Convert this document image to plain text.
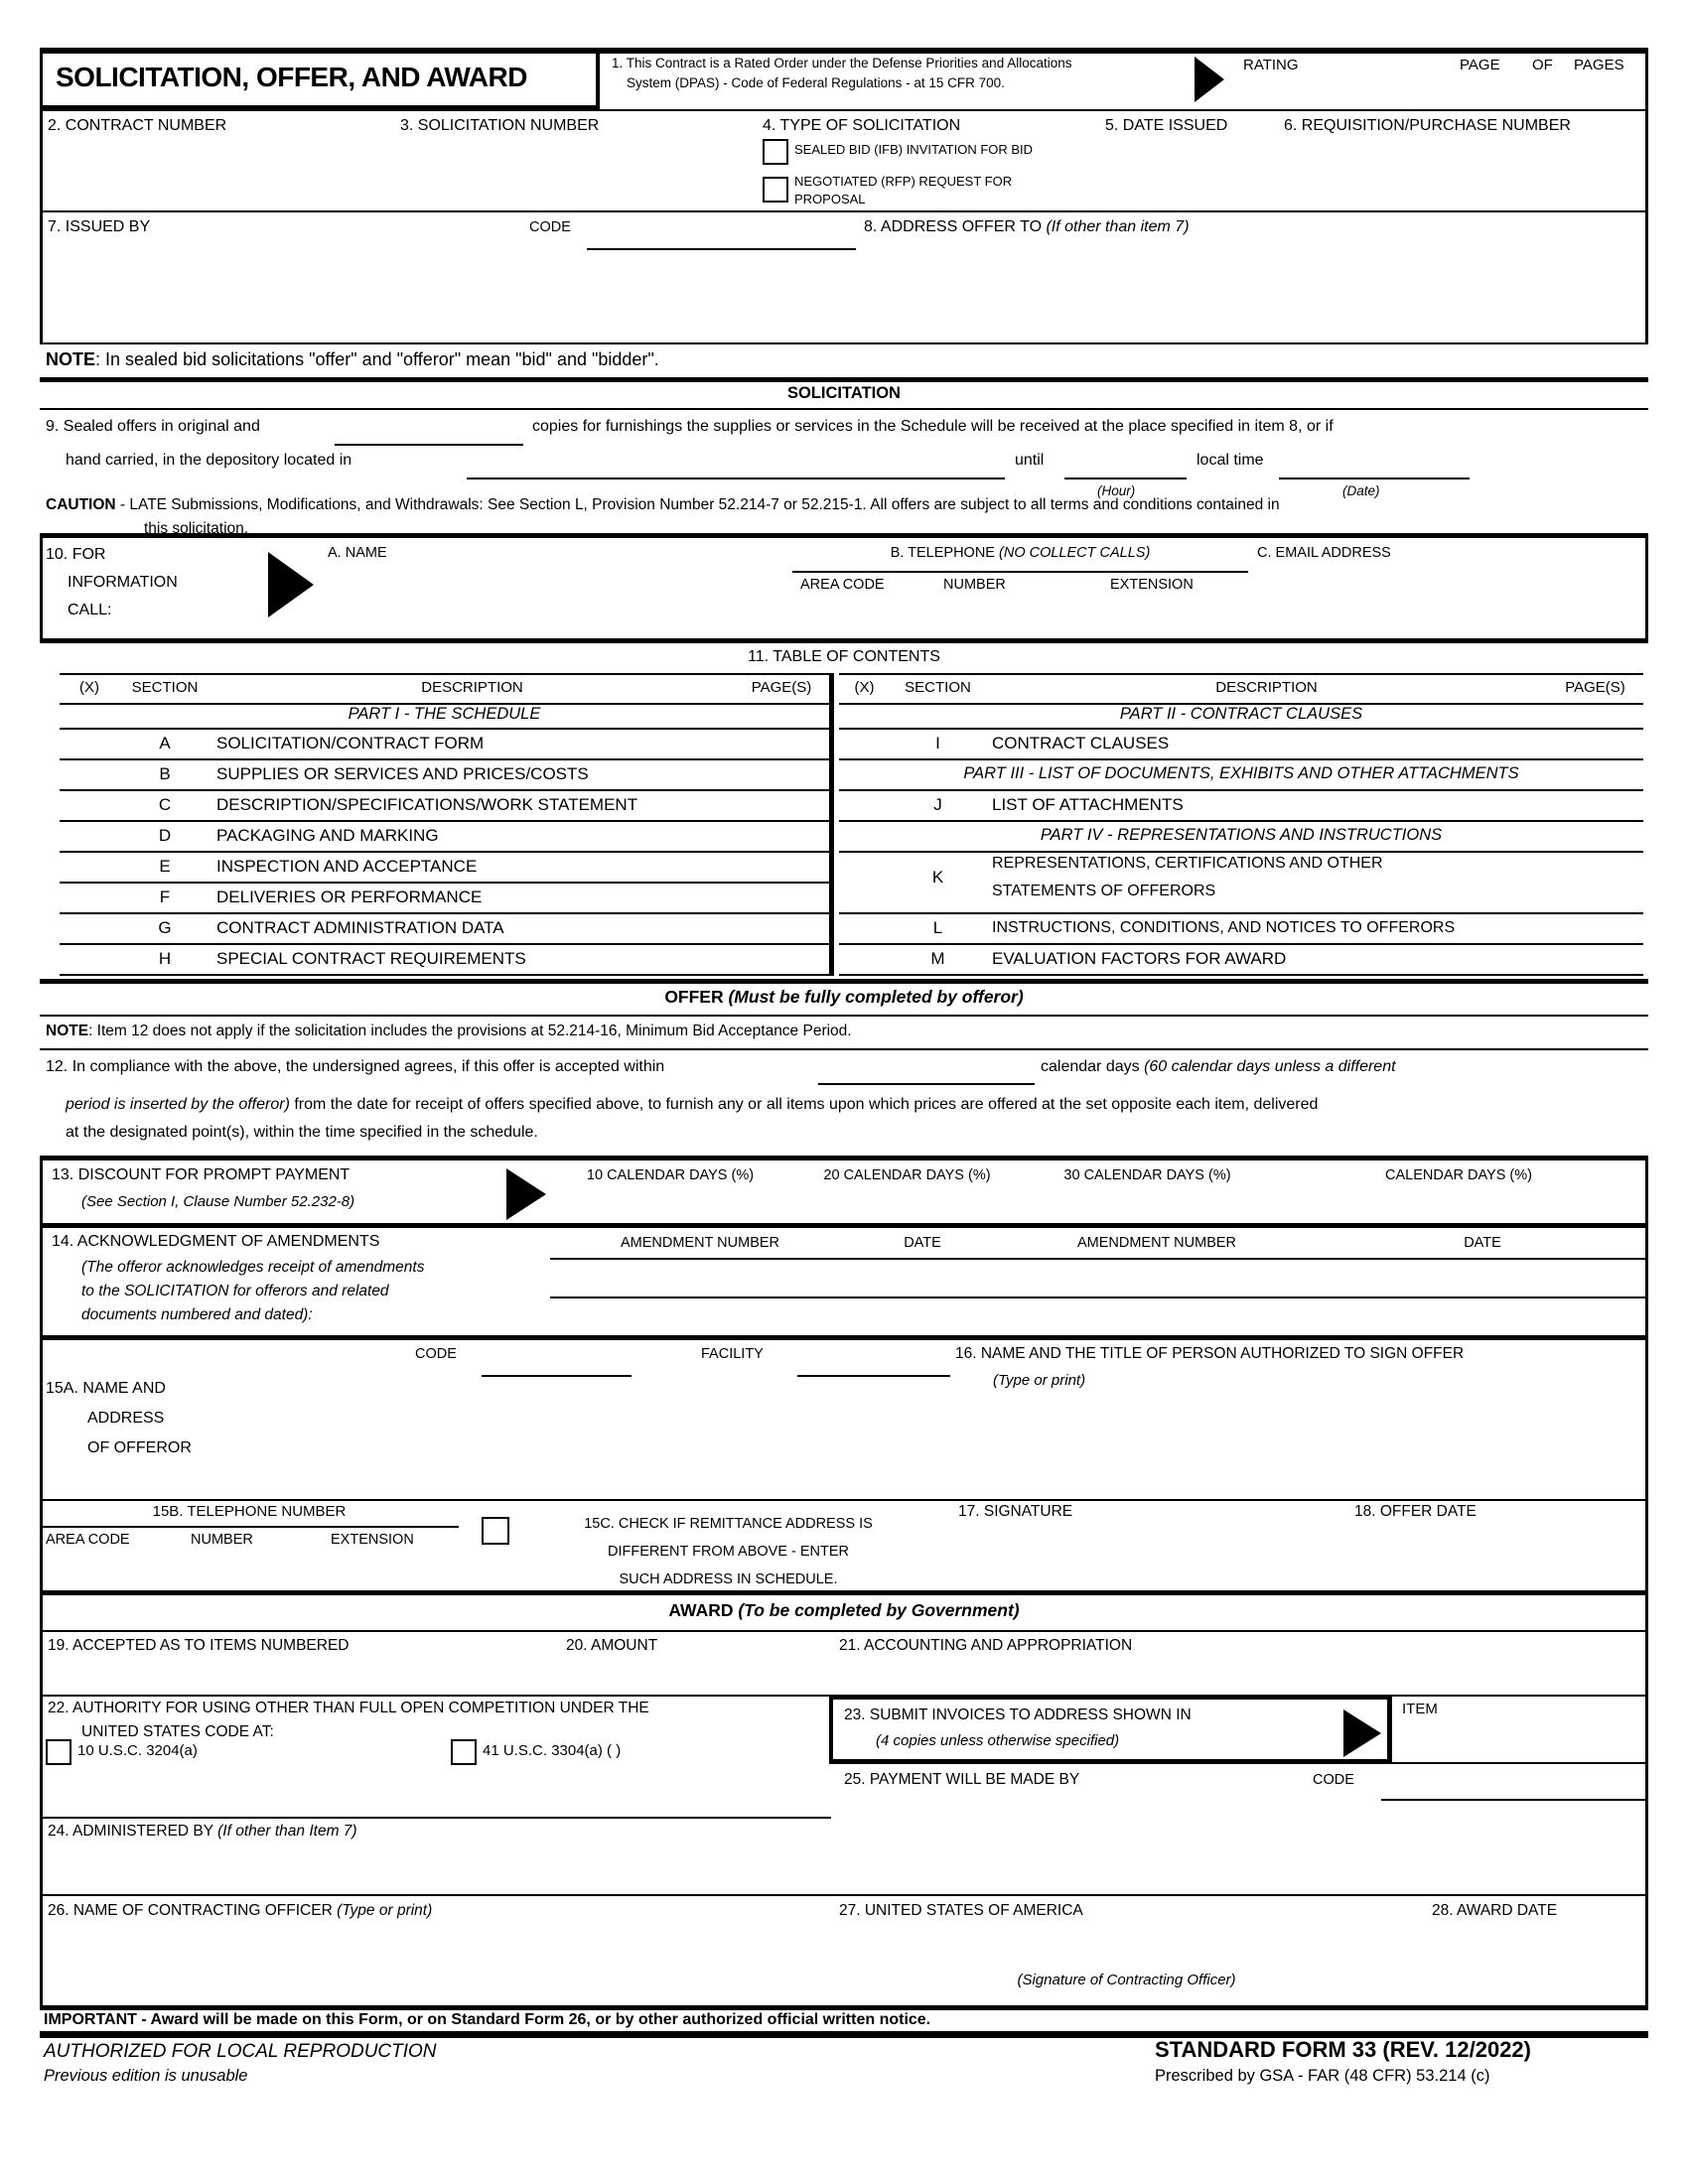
SOLICITATION, OFFER, AND AWARD	1. This Contract is a Rated Order under the Defense Priorities and Allocations
System (DPAS) - Code of Federal Regulations - at 15 CFR 700.
RATING	PAGE OF PAGES
2. CONTRACT NUMBER	3. SOLICITATION NUMBER	4. TYPE OF SOLICITATION
SEALED BID (IFB) INVITATION FOR BID
NEGOTIATED (RFP) REQUEST FOR
PROPOSAL
5. DATE ISSUED	6. REQUISITION/PURCHASE NUMBER
7. ISSUED BY	CODE	8. ADDRESS OFFER TO (If other than item 7)
NOTE: In sealed bid solicitations "offer" and "offeror" mean "bid" and "bidder".
SOLICITATION
9. Sealed offers in original and	copies for furnishings the supplies or services in the Schedule will be received at the place specified in item 8, or if
hand carried, in the depository located in	until
(Hour)
local time
(Date)
CAUTION - LATE Submissions, Modifications, and Withdrawals: See Section L, Provision Number 52.214-7 or 52.215-1. All offers are subject to all terms and conditions contained in
this solicitation.
10. FOR
INFORMATION
CALL:
A. NAME	B. TELEPHONE (NO COLLECT CALLS)
AREA CODE	NUMBER	EXTENSION
C. EMAIL ADDRESS
11. TABLE OF CONTENTS
(X)	SECTION	DESCRIPTION	PAGE(S)	(X)	SECTION	DESCRIPTION	PAGE(S)
PART I - THE SCHEDULE	PART II - CONTRACT CLAUSES
A	SOLICITATION/CONTRACT FORM
B	SUPPLIES OR SERVICES AND PRICES/COSTS
C	DESCRIPTION/SPECIFICATIONS/WORK STATEMENT
D	PACKAGING AND MARKING
E	INSPECTION AND ACCEPTANCE
F	DELIVERIES OR PERFORMANCE
G	CONTRACT ADMINISTRATION DATA
H	SPECIAL CONTRACT REQUIREMENTS
I	CONTRACT CLAUSES
PART III - LIST OF DOCUMENTS, EXHIBITS AND OTHER ATTACHMENTS
J	LIST OF ATTACHMENTS
PART IV - REPRESENTATIONS AND INSTRUCTIONS
K
REPRESENTATIONS, CERTIFICATIONS AND OTHER
STATEMENTS OF OFFERORS
L	INSTRUCTIONS, CONDITIONS, AND NOTICES TO OFFERORS
M	EVALUATION FACTORS FOR AWARD
OFFER (Must be fully completed by offeror)
NOTE: Item 12 does not apply if the solicitation includes the provisions at 52.214-16, Minimum Bid Acceptance Period.
12. In compliance with the above, the undersigned agrees, if this offer is accepted within	calendar days (60 calendar days unless a different
period is inserted by the offeror) from the date for receipt of offers specified above, to furnish any or all items upon which prices are offered at the set opposite each item, delivered
at the designated point(s), within the time specified in the schedule.
13. DISCOUNT FOR PROMPT PAYMENT
(See Section I, Clause Number 52.232-8)
10 CALENDAR DAYS (%)	20 CALENDAR DAYS (%)	30 CALENDAR DAYS (%)	CALENDAR DAYS (%)
14. ACKNOWLEDGMENT OF AMENDMENTS
(The offeror acknowledges receipt of amendments
to the SOLICITATION for offerors and related
documents numbered and dated):
AMENDMENT NUMBER	DATE	AMENDMENT NUMBER	DATE
15A. NAME AND
ADDRESS
OF OFFEROR
CODE	FACILITY	16. NAME AND THE TITLE OF PERSON AUTHORIZED TO SIGN OFFER
(Type or print)
15B. TELEPHONE NUMBER
AREA CODE	NUMBER	EXTENSION
15C. CHECK IF REMITTANCE ADDRESS IS
DIFFERENT FROM ABOVE - ENTER
SUCH ADDRESS IN SCHEDULE.
17. SIGNATURE	18. OFFER DATE
AWARD (To be completed by Government)
19. ACCEPTED AS TO ITEMS NUMBERED	20. AMOUNT	21. ACCOUNTING AND APPROPRIATION
22. AUTHORITY FOR USING OTHER THAN FULL OPEN COMPETITION UNDER THE
UNITED STATES CODE AT:
10 U.S.C. 3204(a)	41 U.S.C. 3304(a) ( )
23. SUBMIT INVOICES TO ADDRESS SHOWN IN
(4 copies unless otherwise specified)
ITEM
24. ADMINISTERED BY (If other than Item 7)
25. PAYMENT WILL BE MADE BY	CODE
26. NAME OF CONTRACTING OFFICER (Type or print)	27. UNITED STATES OF AMERICA
(Signature of Contracting Officer)
28. AWARD DATE
IMPORTANT - Award will be made on this Form, or on Standard Form 26, or by other authorized official written notice.
AUTHORIZED FOR LOCAL REPRODUCTION
Previous edition is unusable
STANDARD FORM 33 (REV. 12/2022)
Prescribed by GSA - FAR (48 CFR) 53.214 (c)
